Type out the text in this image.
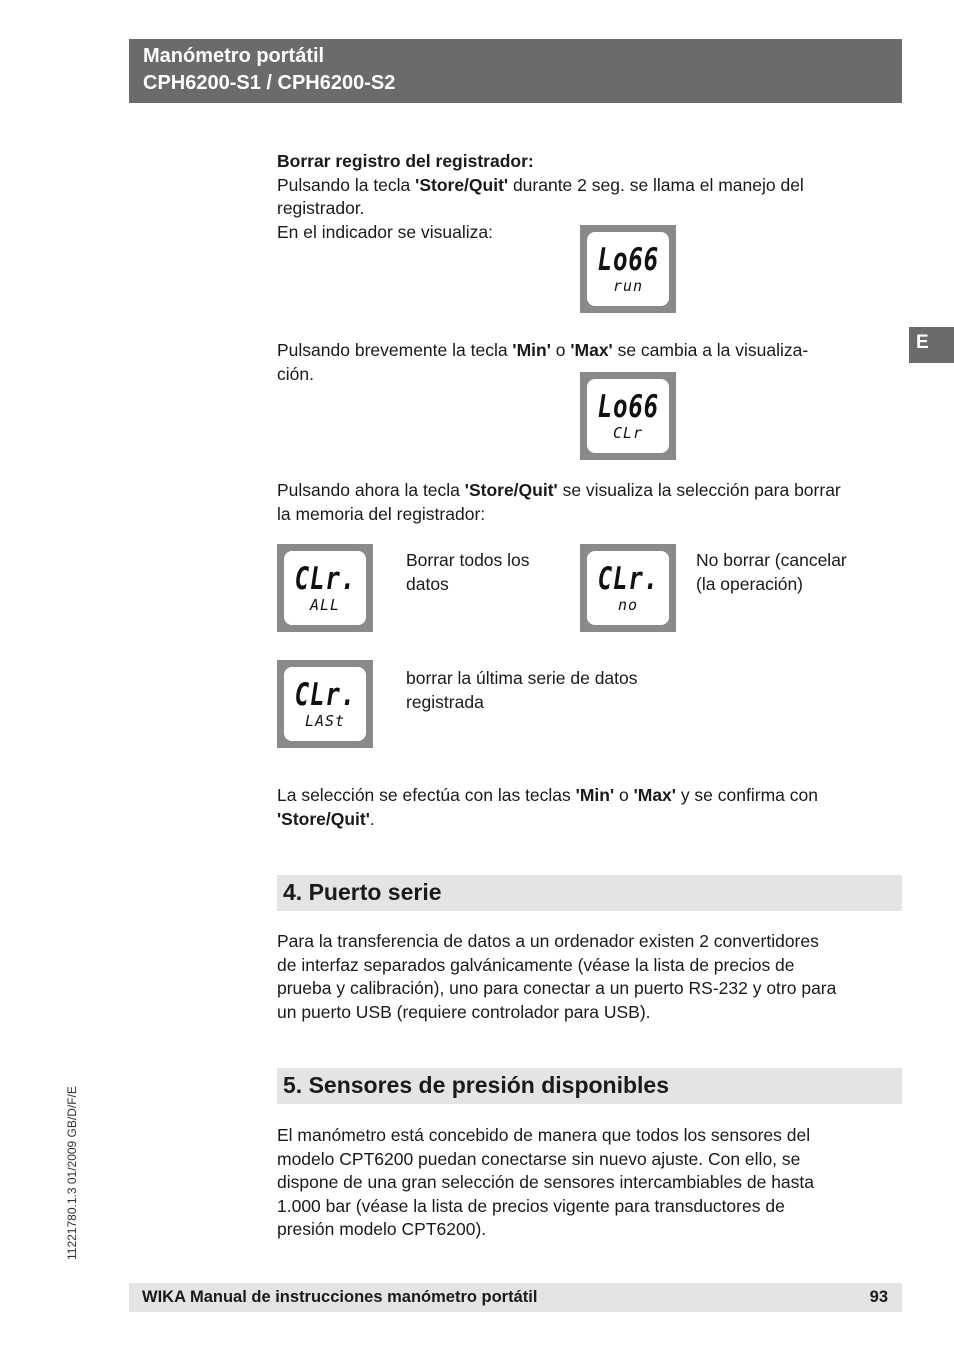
Manómetro portátil
CPH6200-S1 / CPH6200-S2
E
11221780.1.3 01/2009 GB/D/F/E
Borrar registro del registrador:
Pulsando la tecla 'Store/Quit' durante 2 seg. se llama el manejo del
registrador.
En el indicador se visualiza:
Lo66
run
Pulsando brevemente la tecla 'Min' o 'Max' se cambia a la visualiza-
ción.
Lo66
CLr
Pulsando ahora la tecla 'Store/Quit' se visualiza la selección para borrar
la memoria del registrador:
CLr.
ALL
Borrar todos los
datos	CLr.
no
No borrar (cancelar
(la operación)
CLr.
LASt
borrar la última serie de datos
registrada
La selección se efectúa con las teclas 'Min' o 'Max' y se confirma con
'Store/Quit'.
4. Puerto serie
Para la transferencia de datos a un ordenador existen 2 convertidores
de interfaz separados galvánicamente (véase la lista de precios de
prueba y calibración), uno para conectar a un puerto RS-232 y otro para
un puerto USB (requiere controlador para USB).
5. Sensores de presión disponibles
El manómetro está concebido de manera que todos los sensores del
modelo CPT6200 puedan conectarse sin nuevo ajuste. Con ello, se
dispone de una gran selección de sensores intercambiables de hasta
1.000 bar (véase la lista de precios vigente para transductores de
presión modelo CPT6200).
WIKA Manual de instrucciones manómetro portátil	93
